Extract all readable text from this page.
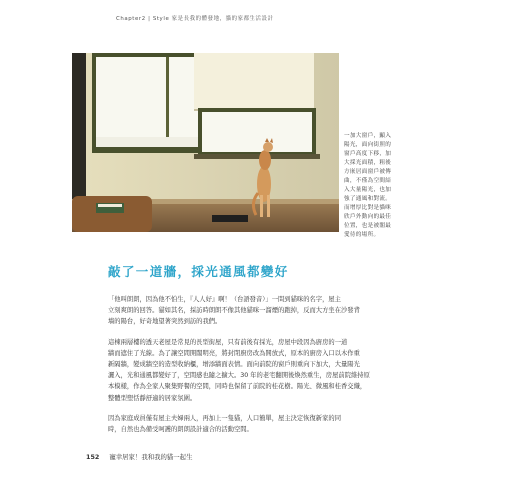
Chapter2 | Style 家是長我的體發地，貓的家都生活設計
一加大窗戶，顯入
陽光，面向街照的
窗戶高度下移，加
大採光面積，粗後
方嵌居面窗戶被傳
曲，不僅為空間結
入大量陽光，也加
強了通風和對流。
而增厚比對是貓咪
欣戶外動向的最佳
位置，也是被閣最
愛待的場所。
敲了一道牆，採光通風都變好

「他叫朗朗，因為他不怕生，『人人好』啊！（台語發音）」一問到貓咪的名字，屋主
立刻爽朗的回答。貓如其名，採訪時朗朗不像其他貓咪一溜煙的跑掉，反而大方坐在沙發背
墻的陽台，好奇地望著突然到訪的我們。

這棟兩層樓的透天老屋是常見的長型街屋，只有前後有採光，房屋中段因為廚房的一道
牆而遮住了光線。為了讓空間開闊明亮，將封閉廚房改為開放式，原本的廚房入口以木作重
新隔牆，變成牆空的造型收納櫃，增添牆面表情。面向前院的窗戶則重向下加大，大量陽光
灑入，光和通風都變好了，空間感也隨之擴大。30 年的老宅翻開後煥然重生，房屋前院維持原
本模樣，作為全家人聚集野餐的空間，同時也保留了前院的桂花樹。陽光、微風和桂香交織，
整體型塑恬靜舒適的居家氛圍。

因為家庭成員僅有屋主夫婦兩人，再加上一隻貓，人口簡單，屋主決定恢復新家的同
時，自然也為備受呵護的朗朗設計適合的活動空間。

152 寵幸居家！我和我的貓一起生
